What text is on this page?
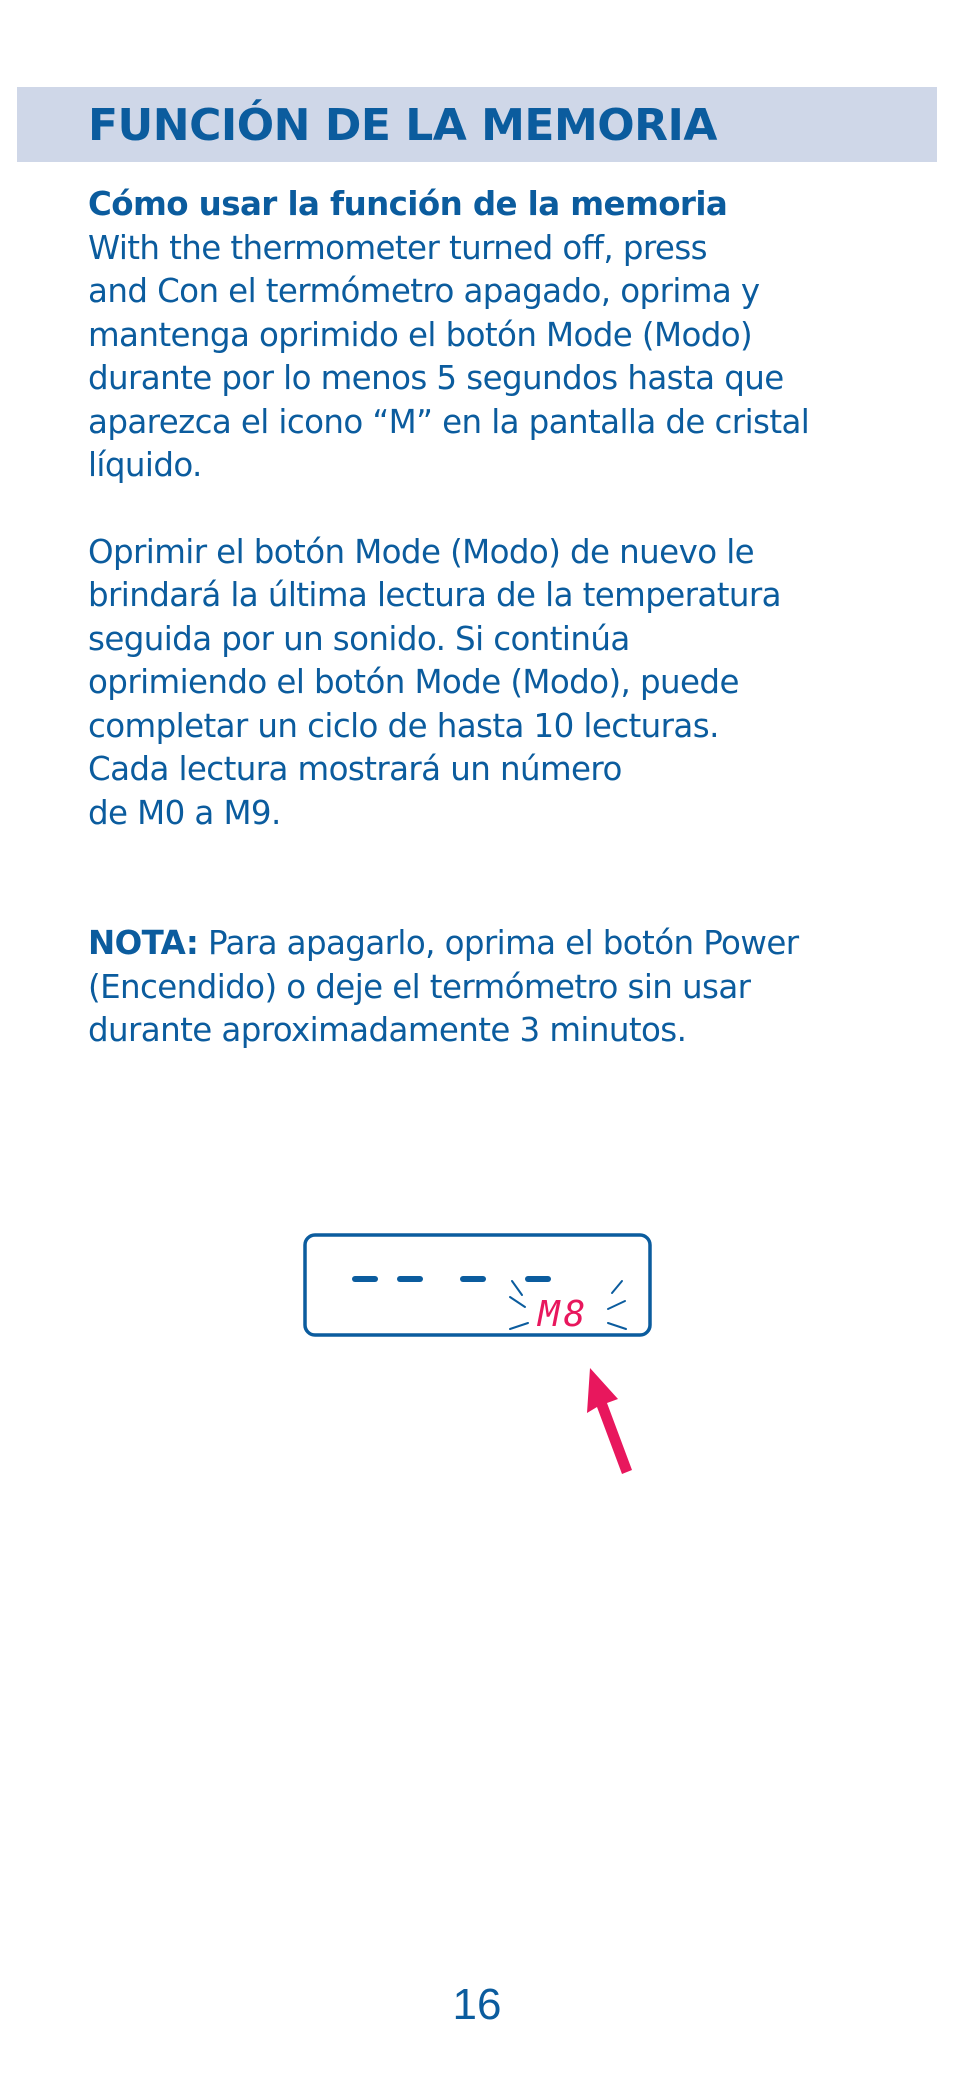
FUNCIÓN DE LA MEMORIA

Cómo usar la función de la memoria
With the thermometer turned off, press
and Con el termómetro apagado, oprima y
mantenga oprimido el botón Mode (Modo)
durante por lo menos 5 segundos hasta que
aparezca el icono “M” en la pantalla de cristal
líquido.

Oprimir el botón Mode (Modo) de nuevo le
brindará la última lectura de la temperatura
seguida por un sonido. Si continúa
oprimiendo el botón Mode (Modo), puede
completar un ciclo de hasta 10 lecturas.
Cada lectura mostrará un número
de M0 a M9.

NOTA: Para apagarlo, oprima el botón Power
(Encendido) o deje el termómetro sin usar
durante aproximadamente 3 minutos.

M8
16
